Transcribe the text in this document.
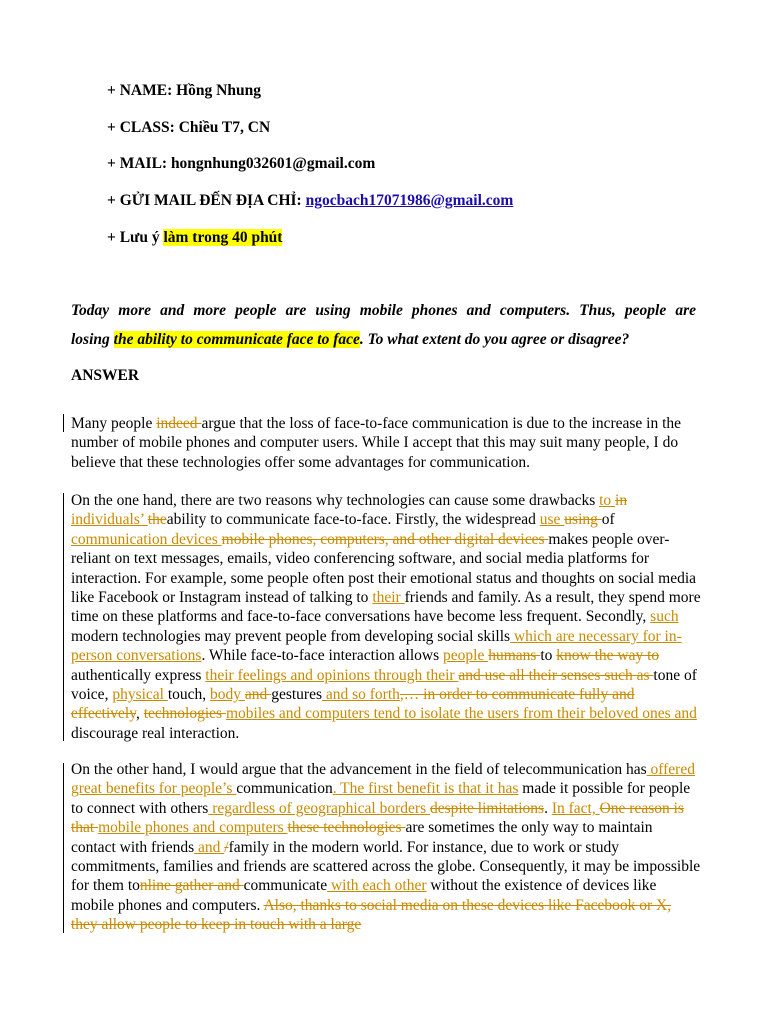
+ NAME: Hồng Nhung
+ CLASS: Chiều T7, CN
+ MAIL: hongnhung032601@gmail.com
+ GỬI MAIL ĐẾN ĐỊA CHỈ: ngocbach17071986@gmail.com
+ Lưu ý làm trong 40 phút
Today more and more people are using mobile phones and computers. Thus, people are
losing the ability to communicate face to face. To what extent do you agree or disagree?
ANSWER
Many people indeed argue that the loss of face-to-face communication is due to the increase in the number of mobile phones and computer users. While I accept that this may suit many people, I do believe that these technologies offer some advantages for communication.
On the one hand, there are two reasons why technologies can cause some drawbacks to in individuals’ theability to communicate face-to-face. Firstly, the widespread use using of communication devices mobile phones, computers, and other digital devices makes people over-reliant on text messages, emails, video conferencing software, and social media platforms for interaction. For example, some people often post their emotional status and thoughts on social media like Facebook or Instagram instead of talking to their friends and family. As a result, they spend more time on these platforms and face-to-face conversations have become less frequent. Secondly, such modern technologies may prevent people from developing social skills which are necessary for in-person conversations. While face-to-face interaction allows people humans to know the way to authentically express their feelings and opinions through their and use all their senses such as tone of voice, physical touch, body and gestures and so forth,… in order to communicate fully and effectively, technologies mobiles and computers tend to isolate the users from their beloved ones and discourage real interaction.
On the other hand, I would argue that the advancement in the field of telecommunication has offered great benefits for people’s communication. The first benefit is that it has made it possible for people to connect with others regardless of geographical borders despite limitations. In fact, One reason is that mobile phones and computers these technologies are sometimes the only way to maintain contact with friends and /family in the modern world. For instance, due to work or study commitments, families and friends are scattered across the globe. Consequently, it may be impossible for them tonline gather and communicate with each other without the existence of devices like mobile phones and computers. Also, thanks to social media on these devices like Facebook or X, they allow people to keep in touch with a large
